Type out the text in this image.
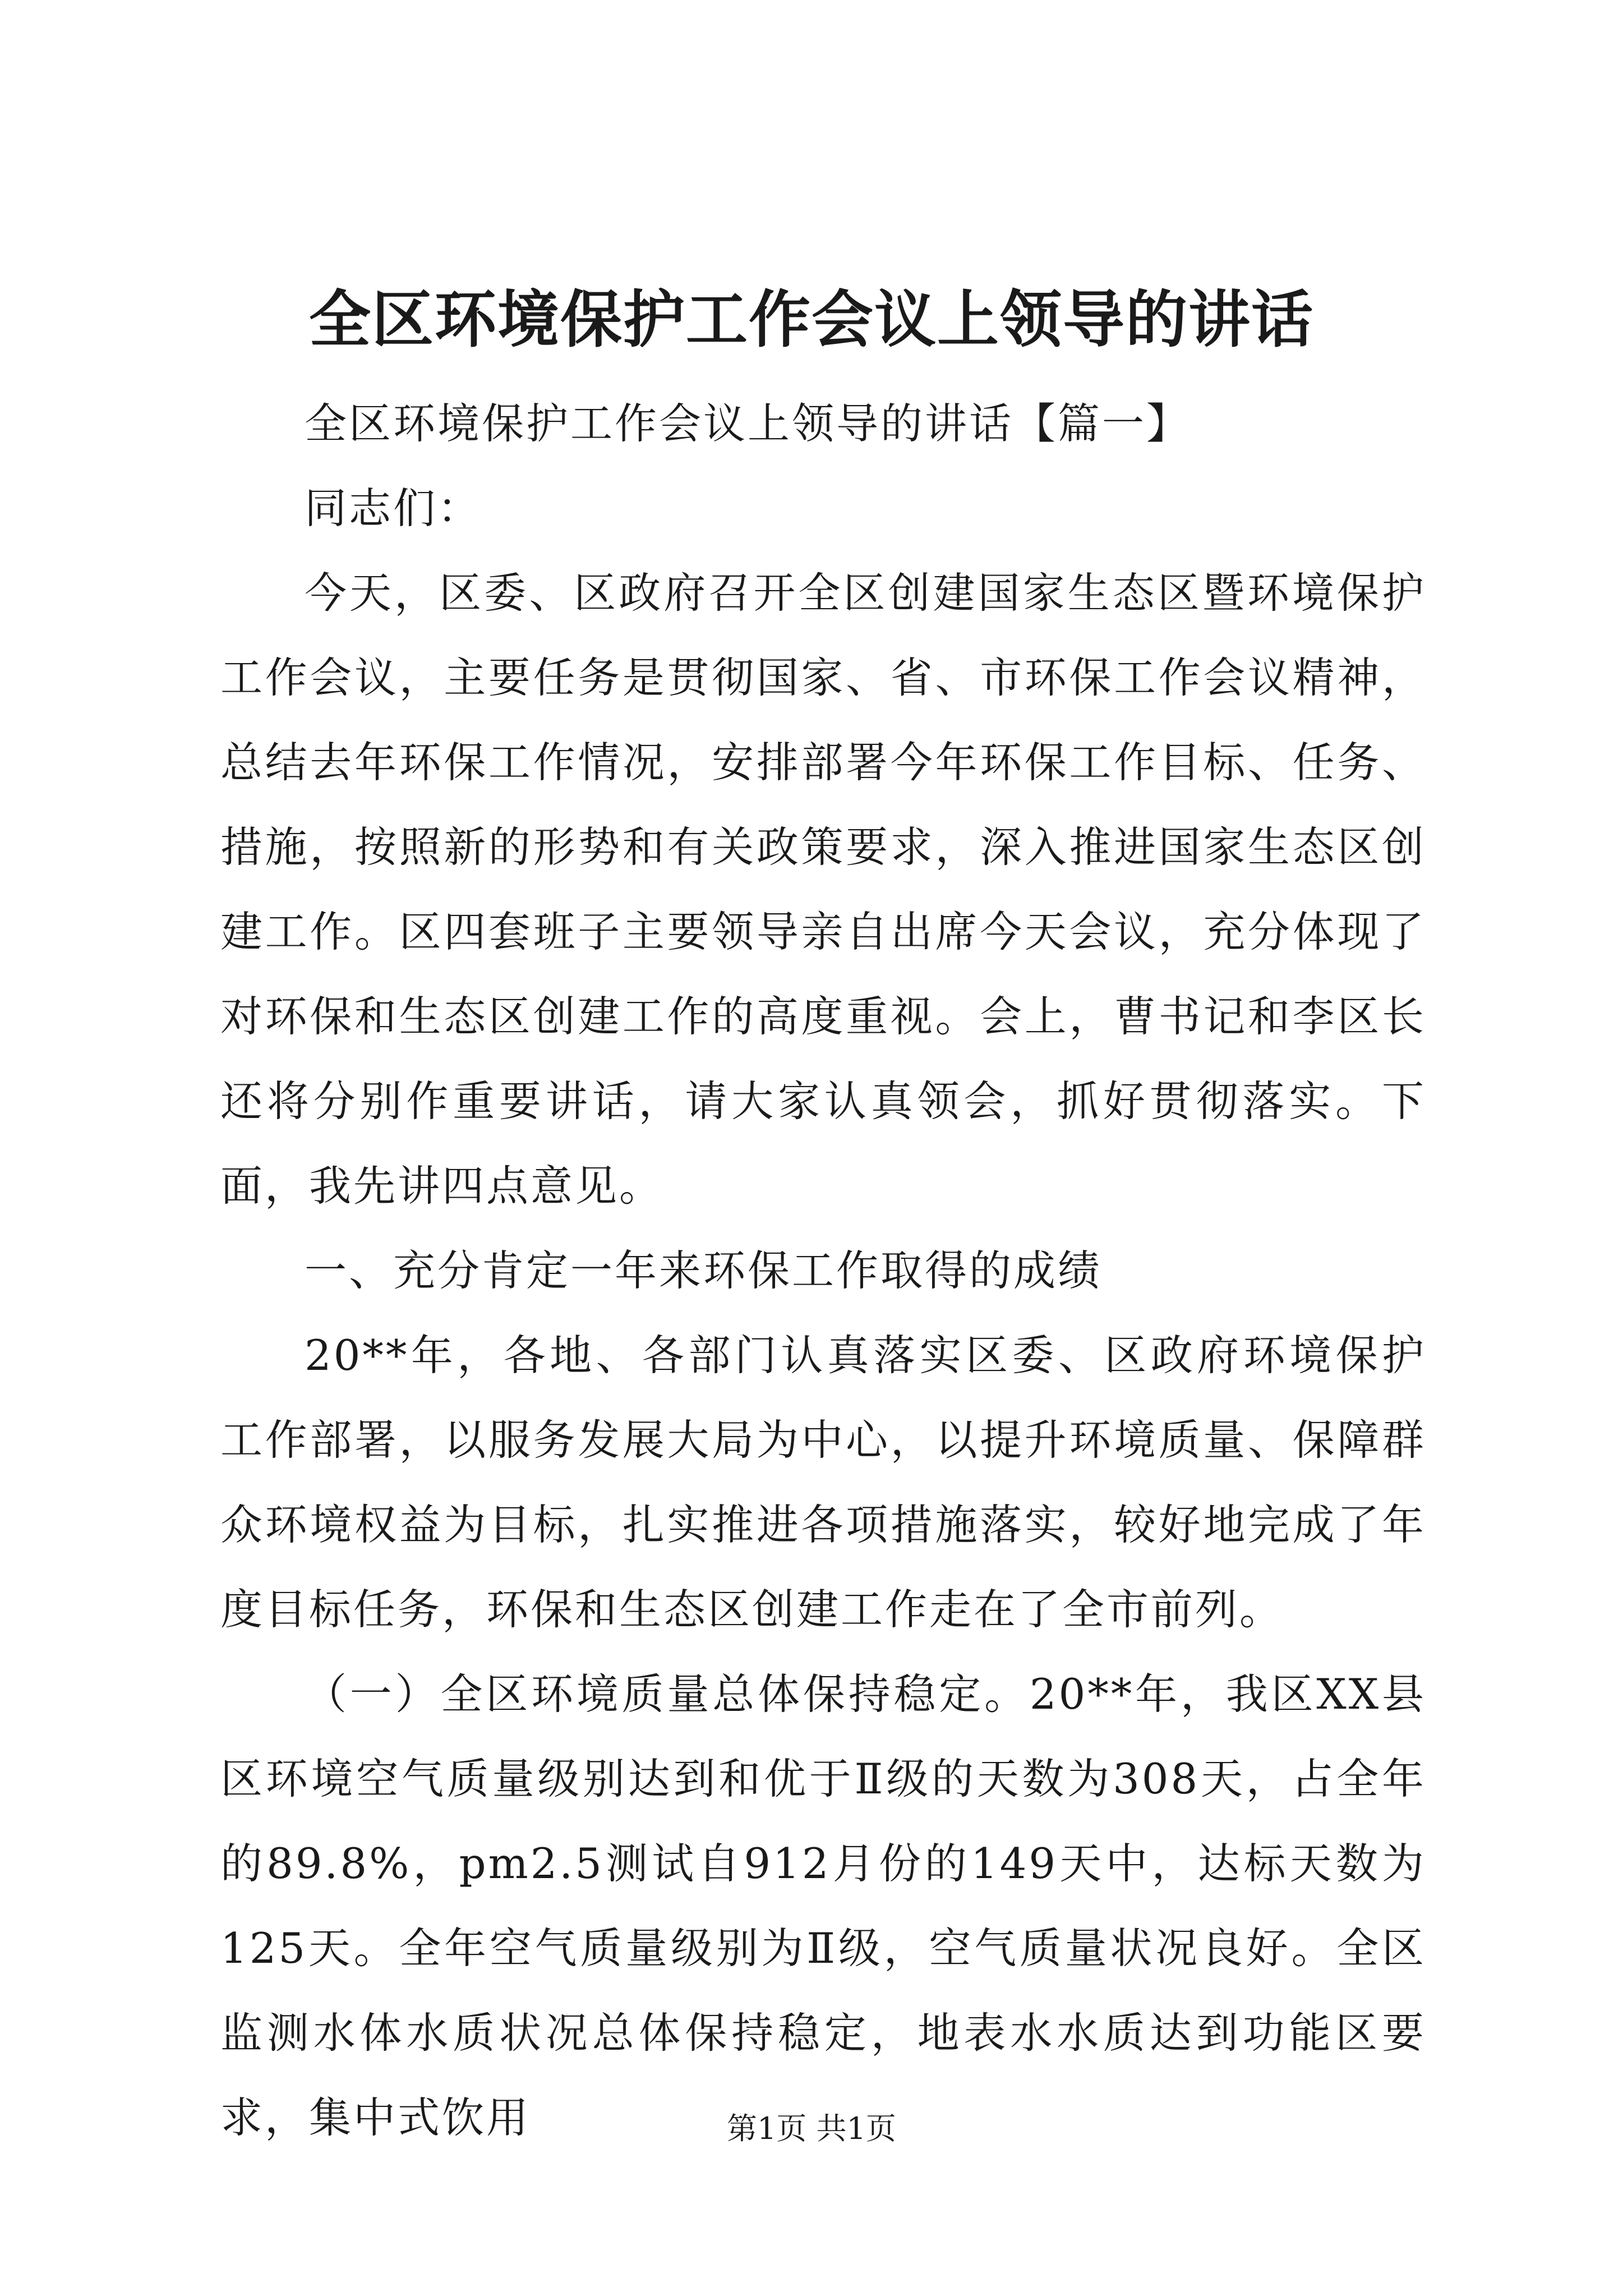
全区环境保护工作会议上领导的讲话

全区环境保护工作会议上领导的讲话【篇一】

同志们：

今天，区委、区政府召开全区创建国家生态区暨环境保护工作会议，主要任务是贯彻国家、省、市环保工作会议精神，总结去年环保工作情况，安排部署今年环保工作目标、任务、措施，按照新的形势和有关政策要求，深入推进国家生态区创建工作。区四套班子主要领导亲自出席今天会议，充分体现了对环保和生态区创建工作的高度重视。会上，曹书记和李区长还将分别作重要讲话，请大家认真领会，抓好贯彻落实。下面，我先讲四点意见。

一、充分肯定一年来环保工作取得的成绩

20**年，各地、各部门认真落实区委、区政府环境保护工作部署，以服务发展大局为中心，以提升环境质量、保障群众环境权益为目标，扎实推进各项措施落实，较好地完成了年度目标任务，环保和生态区创建工作走在了全市前列。

（一）全区环境质量总体保持稳定。20**年，我区XX县区环境空气质量级别达到和优于Ⅱ级的天数为308天，占全年的89.8%，pm2.5测试自912月份的149天中，达标天数为125天。全年空气质量级别为Ⅱ级，空气质量状况良好。全区监测水体水质状况总体保持稳定，地表水水质达到功能区要求，集中式饮用	第1页 共1页
